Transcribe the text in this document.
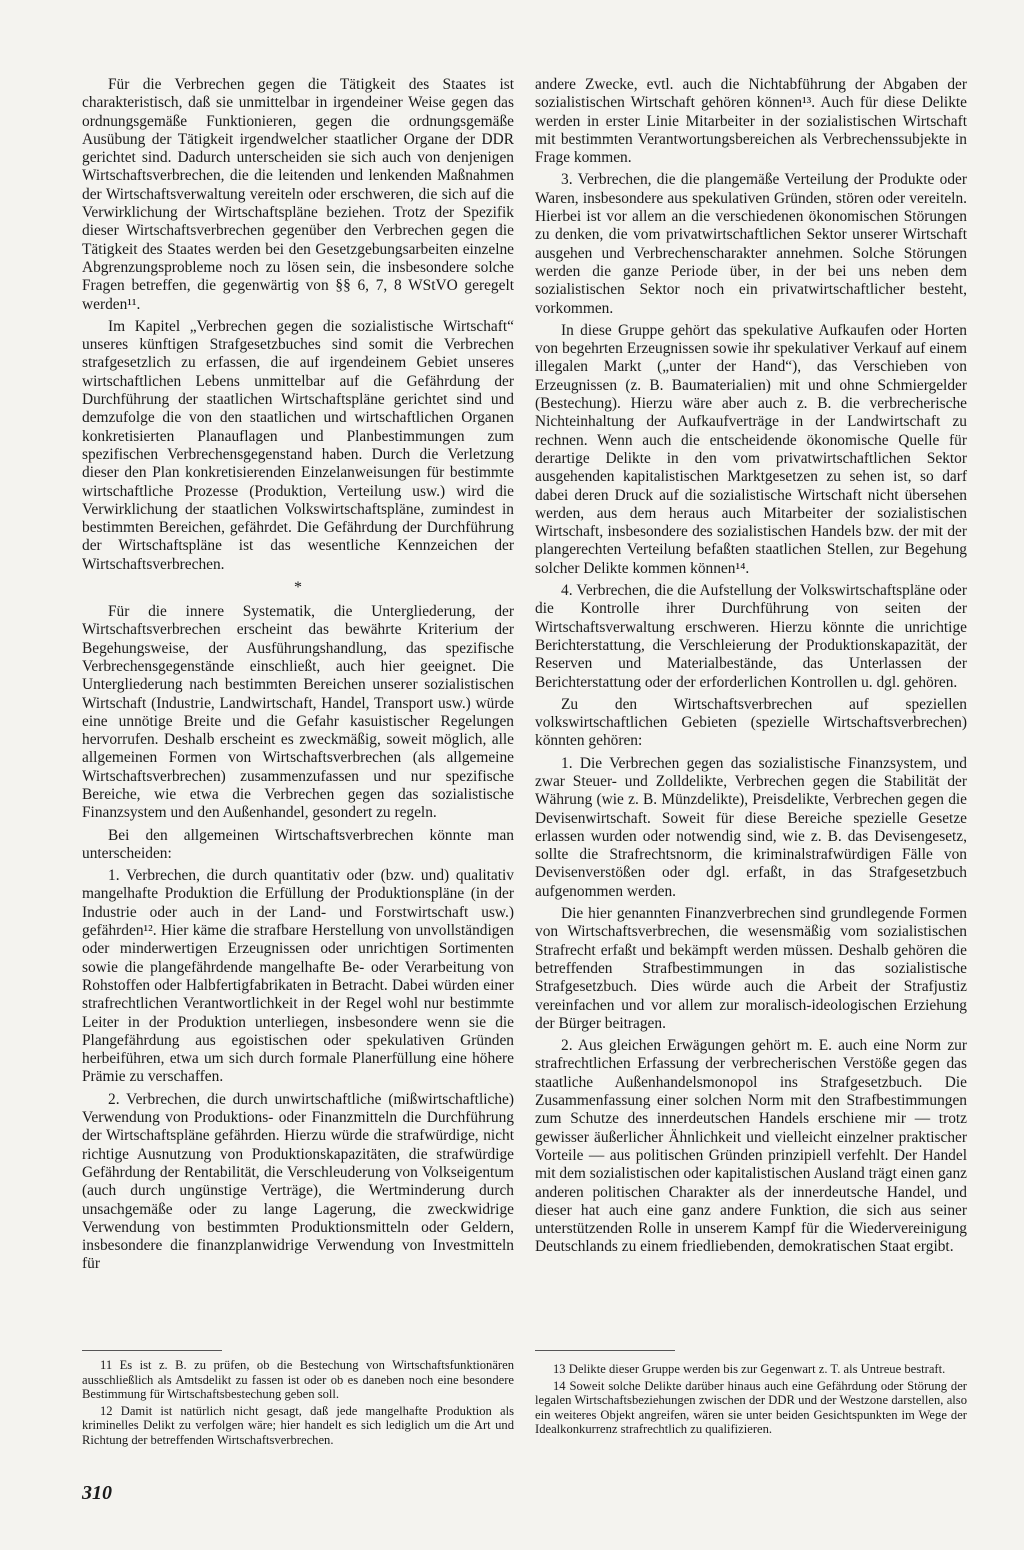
Für die Verbrechen gegen die Tätigkeit des Staates ist charakteristisch, daß sie unmittelbar in irgendeiner Weise gegen das ordnungsgemäße Funktionieren, gegen die ordnungsgemäße Ausübung der Tätigkeit irgendwelcher staatlicher Organe der DDR gerichtet sind. Dadurch unterscheiden sie sich auch von denjenigen Wirtschaftsverbrechen, die die leitenden und lenkenden Maßnahmen der Wirtschaftsverwaltung vereiteln oder erschweren, die sich auf die Verwirklichung der Wirtschaftspläne beziehen. Trotz der Spezifik dieser Wirtschaftsverbrechen gegenüber den Verbrechen gegen die Tätigkeit des Staates werden bei den Gesetzgebungsarbeiten einzelne Abgrenzungsprobleme noch zu lösen sein, die insbesondere solche Fragen betreffen, die gegenwärtig von §§ 6, 7, 8 WStVO geregelt werden¹¹.

Im Kapitel „Verbrechen gegen die sozialistische Wirtschaft“ unseres künftigen Strafgesetzbuches sind somit die Verbrechen strafgesetzlich zu erfassen, die auf irgendeinem Gebiet unseres wirtschaftlichen Lebens unmittelbar auf die Gefährdung der Durchführung der staatlichen Wirtschaftspläne gerichtet sind und demzufolge die von den staatlichen und wirtschaftlichen Organen konkretisierten Planauflagen und Planbestimmungen zum spezifischen Verbrechensgegenstand haben. Durch die Verletzung dieser den Plan konkretisierenden Einzelanweisungen für bestimmte wirtschaftliche Prozesse (Produktion, Verteilung usw.) wird die Verwirklichung der staatlichen Volkswirtschaftspläne, zumindest in bestimmten Bereichen, gefährdet. Die Gefährdung der Durchführung der Wirtschaftspläne ist das wesentliche Kennzeichen der Wirtschaftsverbrechen.

*

Für die innere Systematik, die Untergliederung, der Wirtschaftsverbrechen erscheint das bewährte Kriterium der Begehungsweise, der Ausführungshandlung, das spezifische Verbrechensgegenstände einschließt, auch hier geeignet. Die Untergliederung nach bestimmten Bereichen unserer sozialistischen Wirtschaft (Industrie, Landwirtschaft, Handel, Transport usw.) würde eine unnötige Breite und die Gefahr kasuistischer Regelungen hervorrufen. Deshalb erscheint es zweckmäßig, soweit möglich, alle allgemeinen Formen von Wirtschaftsverbrechen (als allgemeine Wirtschaftsverbrechen) zusammenzufassen und nur spezifische Bereiche, wie etwa die Verbrechen gegen das sozialistische Finanzsystem und den Außenhandel, gesondert zu regeln.

Bei den allgemeinen Wirtschaftsverbrechen könnte man unterscheiden:

1. Verbrechen, die durch quantitativ oder (bzw. und) qualitativ mangelhafte Produktion die Erfüllung der Produktionspläne (in der Industrie oder auch in der Land- und Forstwirtschaft usw.) gefährden¹². Hier käme die strafbare Herstellung von unvollständigen oder minderwertigen Erzeugnissen oder unrichtigen Sortimenten sowie die plangefährdende mangelhafte Be- oder Verarbeitung von Rohstoffen oder Halbfertigfabrikaten in Betracht. Dabei würden einer strafrechtlichen Verantwortlichkeit in der Regel wohl nur bestimmte Leiter in der Produktion unterliegen, insbesondere wenn sie die Plangefährdung aus egoistischen oder spekulativen Gründen herbeiführen, etwa um sich durch formale Planerfüllung eine höhere Prämie zu verschaffen.

2. Verbrechen, die durch unwirtschaftliche (mißwirtschaftliche) Verwendung von Produktions- oder Finanzmitteln die Durchführung der Wirtschaftspläne gefährden. Hierzu würde die strafwürdige, nicht richtige Ausnutzung von Produktionskapazitäten, die strafwürdige Gefährdung der Rentabilität, die Verschleuderung von Volkseigentum (auch durch ungünstige Verträge), die Wertminderung durch unsachgemäße oder zu lange Lagerung, die zweckwidrige Verwendung von bestimmten Produktionsmitteln oder Geldern, insbesondere die finanzplanwidrige Verwendung von Investmitteln für

andere Zwecke, evtl. auch die Nichtabführung der Abgaben der sozialistischen Wirtschaft gehören können¹³. Auch für diese Delikte werden in erster Linie Mitarbeiter in der sozialistischen Wirtschaft mit bestimmten Verantwortungsbereichen als Verbrechenssubjekte in Frage kommen.

3. Verbrechen, die die plangemäße Verteilung der Produkte oder Waren, insbesondere aus spekulativen Gründen, stören oder vereiteln. Hierbei ist vor allem an die verschiedenen ökonomischen Störungen zu denken, die vom privatwirtschaftlichen Sektor unserer Wirtschaft ausgehen und Verbrechenscharakter annehmen. Solche Störungen werden die ganze Periode über, in der bei uns neben dem sozialistischen Sektor noch ein privatwirtschaftlicher besteht, vorkommen.

In diese Gruppe gehört das spekulative Aufkaufen oder Horten von begehrten Erzeugnissen sowie ihr spekulativer Verkauf auf einem illegalen Markt („unter der Hand“), das Verschieben von Erzeugnissen (z. B. Baumaterialien) mit und ohne Schmiergelder (Bestechung). Hierzu wäre aber auch z. B. die verbrecherische Nichteinhaltung der Aufkaufverträge in der Landwirtschaft zu rechnen. Wenn auch die entscheidende ökonomische Quelle für derartige Delikte in den vom privatwirtschaftlichen Sektor ausgehenden kapitalistischen Marktgesetzen zu sehen ist, so darf dabei deren Druck auf die sozialistische Wirtschaft nicht übersehen werden, aus dem heraus auch Mitarbeiter der sozialistischen Wirtschaft, insbesondere des sozialistischen Handels bzw. der mit der plangerechten Verteilung befaßten staatlichen Stellen, zur Begehung solcher Delikte kommen können¹⁴.

4. Verbrechen, die die Aufstellung der Volkswirtschaftspläne oder die Kontrolle ihrer Durchführung von seiten der Wirtschaftsverwaltung erschweren. Hierzu könnte die unrichtige Berichterstattung, die Verschleierung der Produktionskapazität, der Reserven und Materialbestände, das Unterlassen der Berichterstattung oder der erforderlichen Kontrollen u. dgl. gehören.

Zu den Wirtschaftsverbrechen auf speziellen volkswirtschaftlichen Gebieten (spezielle Wirtschaftsverbrechen) könnten gehören:

1. Die Verbrechen gegen das sozialistische Finanzsystem, und zwar Steuer- und Zolldelikte, Verbrechen gegen die Stabilität der Währung (wie z. B. Münzdelikte), Preisdelikte, Verbrechen gegen die Devisenwirtschaft. Soweit für diese Bereiche spezielle Gesetze erlassen wurden oder notwendig sind, wie z. B. das Devisengesetz, sollte die Strafrechtsnorm, die kriminalstrafwürdigen Fälle von Devisenverstößen oder dgl. erfaßt, in das Strafgesetzbuch aufgenommen werden.

Die hier genannten Finanzverbrechen sind grundlegende Formen von Wirtschaftsverbrechen, die wesensmäßig vom sozialistischen Strafrecht erfaßt und bekämpft werden müssen. Deshalb gehören die betreffenden Strafbestimmungen in das sozialistische Strafgesetzbuch. Dies würde auch die Arbeit der Strafjustiz vereinfachen und vor allem zur moralisch-ideologischen Erziehung der Bürger beitragen.

2. Aus gleichen Erwägungen gehört m. E. auch eine Norm zur strafrechtlichen Erfassung der verbrecherischen Verstöße gegen das staatliche Außenhandelsmonopol ins Strafgesetzbuch. Die Zusammenfassung einer solchen Norm mit den Strafbestimmungen zum Schutze des innerdeutschen Handels erschiene mir — trotz gewisser äußerlicher Ähnlichkeit und vielleicht einzelner praktischer Vorteile — aus politischen Gründen prinzipiell verfehlt. Der Handel mit dem sozialistischen oder kapitalistischen Ausland trägt einen ganz anderen politischen Charakter als der innerdeutsche Handel, und dieser hat auch eine ganz andere Funktion, die sich aus seiner unterstützenden Rolle in unserem Kampf für die Wiedervereinigung Deutschlands zu einem friedliebenden, demokratischen Staat ergibt.

11 Es ist z. B. zu prüfen, ob die Bestechung von Wirtschaftsfunktionären ausschließlich als Amtsdelikt zu fassen ist oder ob es daneben noch eine besondere Bestimmung für Wirtschaftsbestechung geben soll.

12 Damit ist natürlich nicht gesagt, daß jede mangelhafte Produktion als kriminelles Delikt zu verfolgen wäre; hier handelt es sich lediglich um die Art und Richtung der betreffenden Wirtschaftsverbrechen.

13 Delikte dieser Gruppe werden bis zur Gegenwart z. T. als Untreue bestraft.

14 Soweit solche Delikte darüber hinaus auch eine Gefährdung oder Störung der legalen Wirtschaftsbeziehungen zwischen der DDR und der Westzone darstellen, also ein weiteres Objekt angreifen, wären sie unter beiden Gesichtspunkten im Wege der Idealkonkurrenz strafrechtlich zu qualifizieren.

310
